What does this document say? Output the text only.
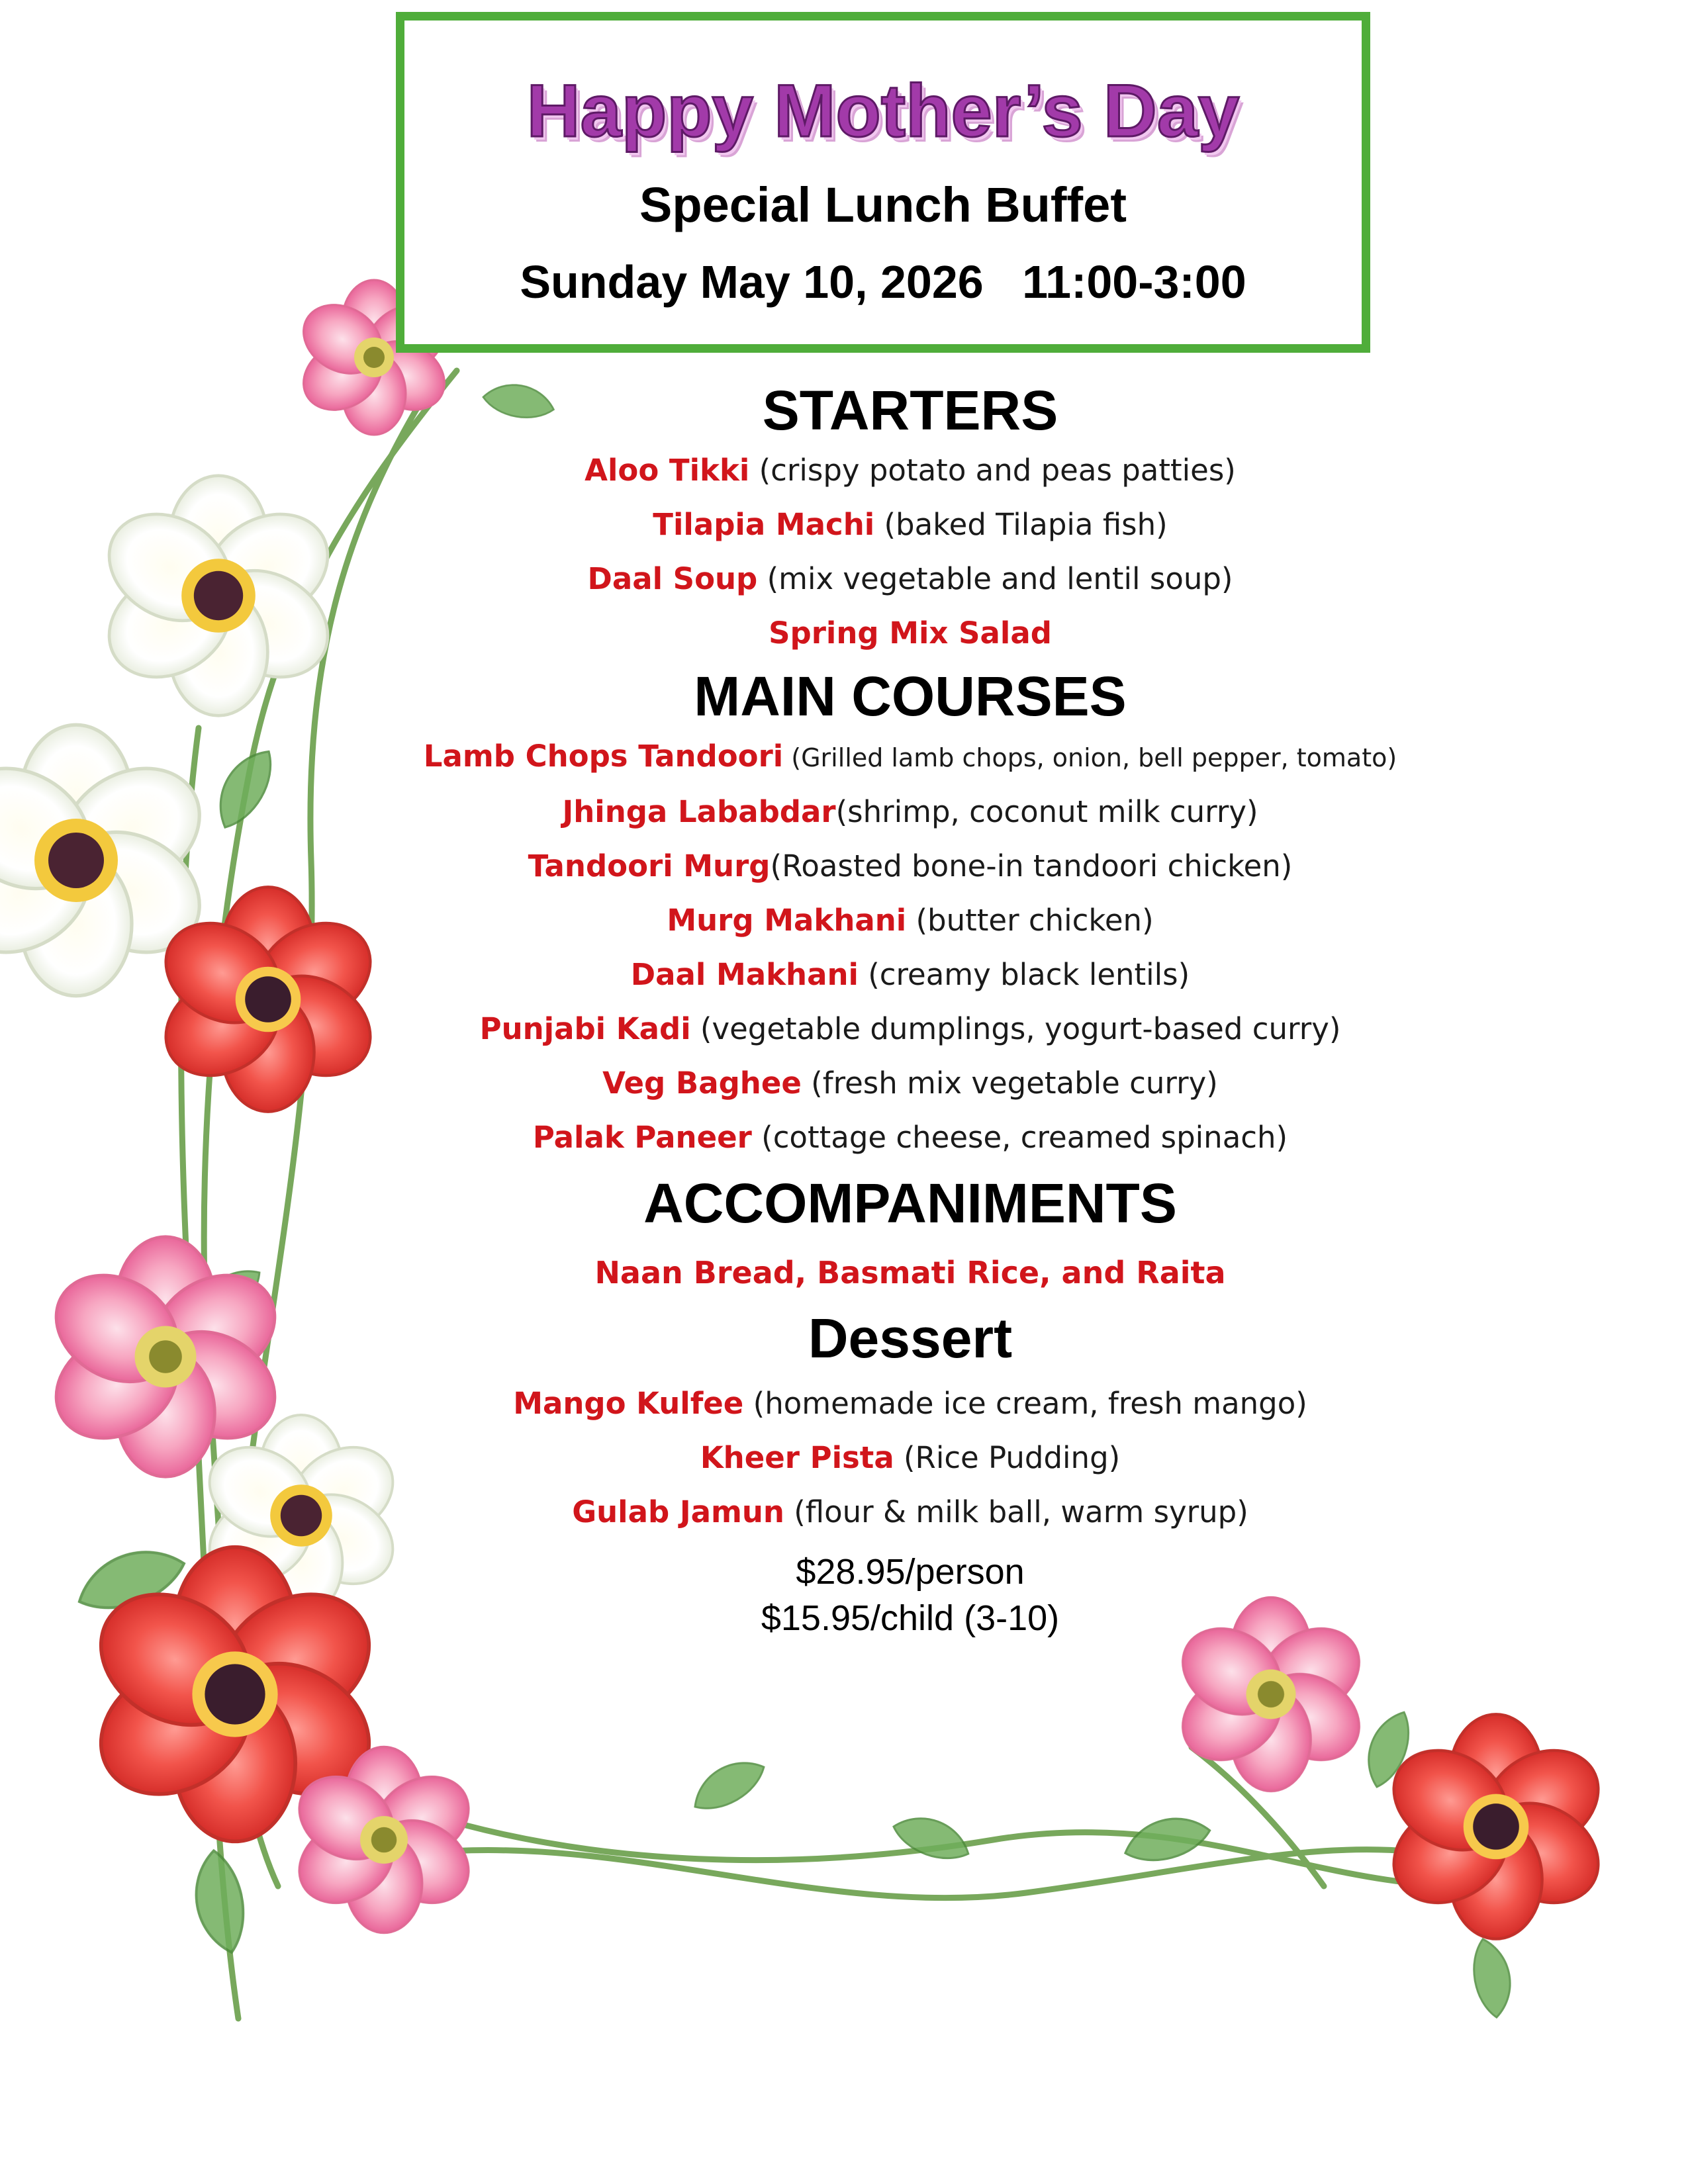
Happy Mother’s Day
Special Lunch Buffet
Sunday May 10, 2026   11:00-3:00
STARTERS
Aloo Tikki (crispy potato and peas patties)
Tilapia Machi (baked Tilapia fish)
Daal Soup (mix vegetable and lentil soup)
Spring Mix Salad
MAIN COURSES
Lamb Chops Tandoori (Grilled lamb chops, onion, bell pepper, tomato)
Jhinga Lababdar(shrimp, coconut milk curry)
Tandoori Murg(Roasted bone-in tandoori chicken)
Murg Makhani (butter chicken)
Daal Makhani (creamy black lentils)
Punjabi Kadi (vegetable dumplings, yogurt-based curry)
Veg Baghee (fresh mix vegetable curry)
Palak Paneer (cottage cheese, creamed spinach)
ACCOMPANIMENTS
Naan Bread, Basmati Rice, and Raita
Dessert
Mango Kulfee (homemade ice cream, fresh mango)
Kheer Pista (Rice Pudding)
Gulab Jamun (flour & milk ball, warm syrup)
$28.95/person
$15.95/child (3-10)
